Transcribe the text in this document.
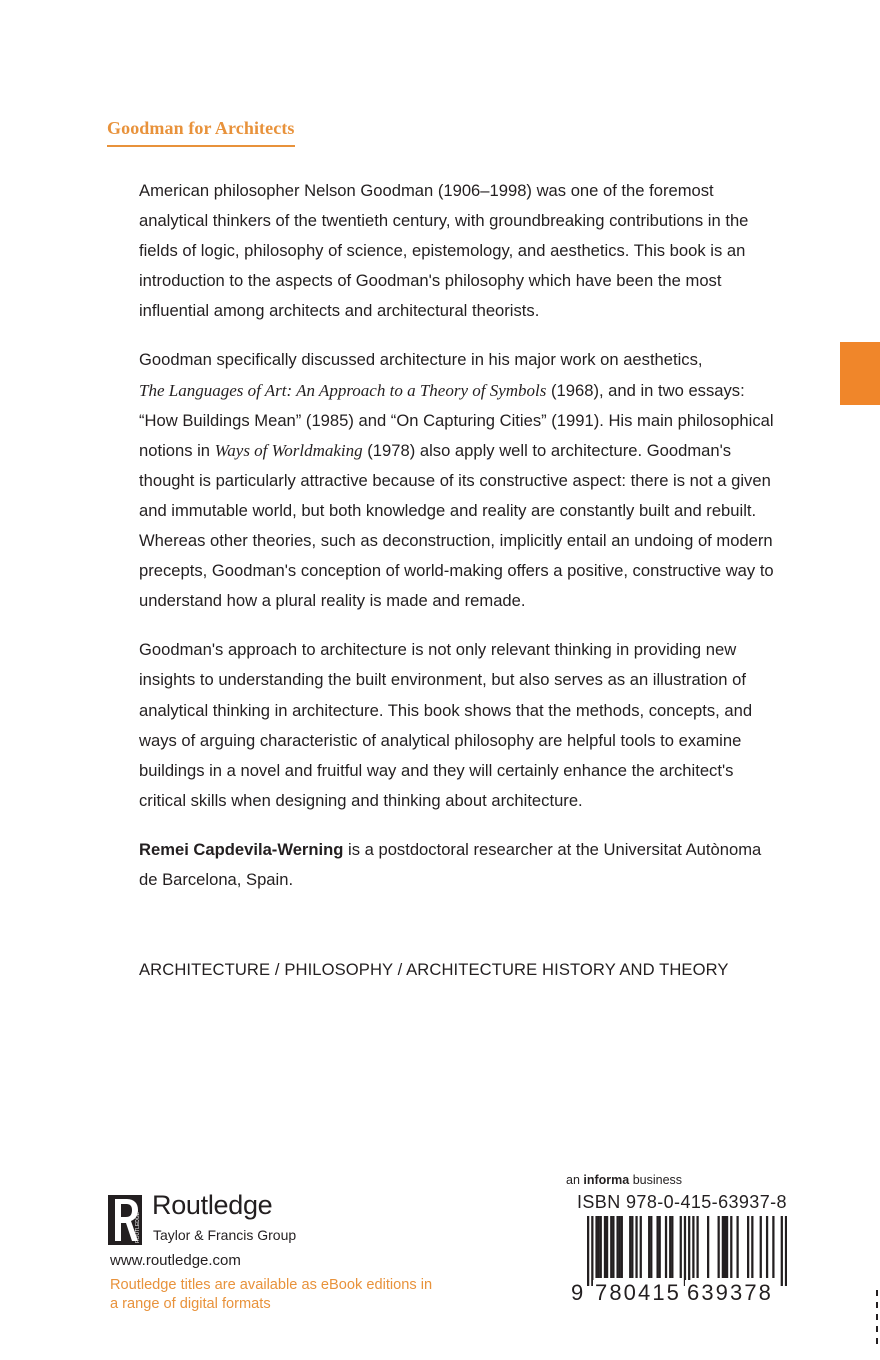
Goodman for Architects

American philosopher Nelson Goodman (1906–1998) was one of the foremost analytical thinkers of the twentieth century, with groundbreaking contributions in the fields of logic, philosophy of science, epistemology, and aesthetics. This book is an introduction to the aspects of Goodman's philosophy which have been the most influential among architects and architectural theorists.

Goodman specifically discussed architecture in his major work on aesthetics,
The Languages of Art: An Approach to a Theory of Symbols (1968), and in two essays: “How Buildings Mean” (1985) and “On Capturing Cities” (1991). His main philosophical notions in Ways of Worldmaking (1978) also apply well to architecture. Goodman's thought is particularly attractive because of its constructive aspect: there is not a given and immutable world, but both knowledge and reality are constantly built and rebuilt. Whereas other theories, such as deconstruction, implicitly entail an undoing of modern precepts, Goodman's conception of world-making offers a positive, constructive way to understand how a plural reality is made and remade.

Goodman's approach to architecture is not only relevant thinking in providing new insights to understanding the built environment, but also serves as an illustration of analytical thinking in architecture. This book shows that the methods, concepts, and ways of arguing characteristic of analytical philosophy are helpful tools to examine buildings in a novel and fruitful way and they will certainly enhance the architect's critical skills when designing and thinking about architecture.

Remei Capdevila-Werning is a postdoctoral researcher at the Universitat Autònoma de Barcelona, Spain.

ARCHITECTURE / PHILOSOPHY / ARCHITECTURE HISTORY AND THEORY
ROUTLEDGE
Routledge
Taylor & Francis Group
www.routledge.com
Routledge titles are available as eBook editions in a range of digital formats
an informa business
ISBN 978-0-415-63937-8
9 780415 639378
